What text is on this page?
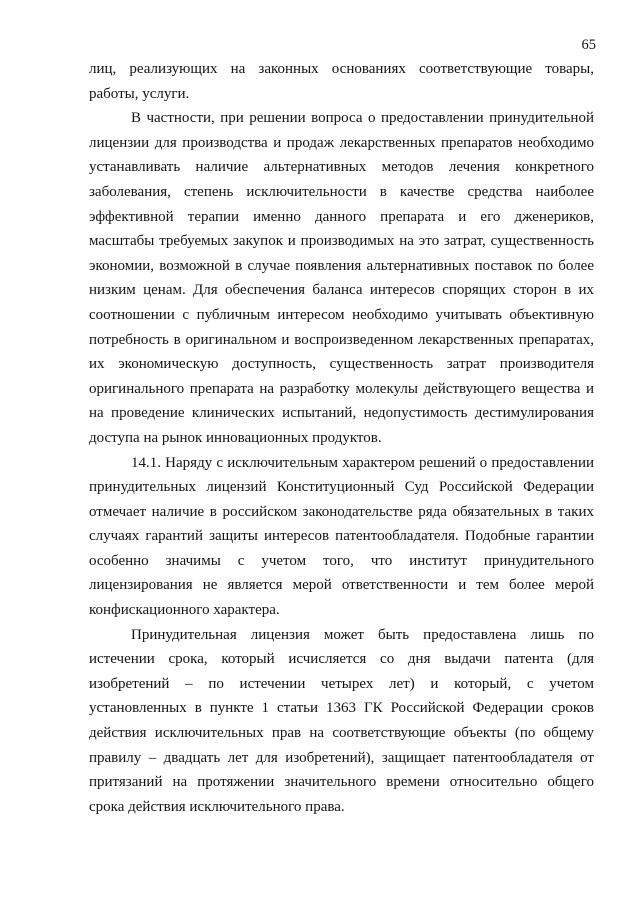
65
лиц, реализующих на законных основаниях соответствующие товары,
работы, услуги.
В частности, при решении вопроса о предоставлении принудительной
лицензии для производства и продаж лекарственных препаратов необходимо
устанавливать наличие альтернативных методов лечения конкретного
заболевания, степень исключительности в качестве средства наиболее
эффективной терапии именно данного препарата и его дженериков,
масштабы требуемых закупок и производимых на это затрат, существенность
экономии, возможной в случае появления альтернативных поставок по более
низким ценам. Для обеспечения баланса интересов спорящих сторон в их
соотношении с публичным интересом необходимо учитывать объективную
потребность в оригинальном и воспроизведенном лекарственных препаратах,
их экономическую доступность, существенность затрат производителя
оригинального препарата на разработку молекулы действующего вещества и
на проведение клинических испытаний, недопустимость дестимулирования
доступа на рынок инновационных продуктов.
14.1. Наряду с исключительным характером решений о предоставлении
принудительных лицензий Конституционный Суд Российской Федерации
отмечает наличие в российском законодательстве ряда обязательных в таких
случаях гарантий защиты интересов патентообладателя. Подобные гарантии
особенно значимы с учетом того, что институт принудительного
лицензирования не является мерой ответственности и тем более мерой
конфискационного характера.
Принудительная лицензия может быть предоставлена лишь по
истечении срока, который исчисляется со дня выдачи патента (для
изобретений – по истечении четырех лет) и который, с учетом
установленных в пункте 1 статьи 1363 ГК Российской Федерации сроков
действия исключительных прав на соответствующие объекты (по общему
правилу – двадцать лет для изобретений), защищает патентообладателя от
притязаний на протяжении значительного времени относительно общего
срока действия исключительного права.
